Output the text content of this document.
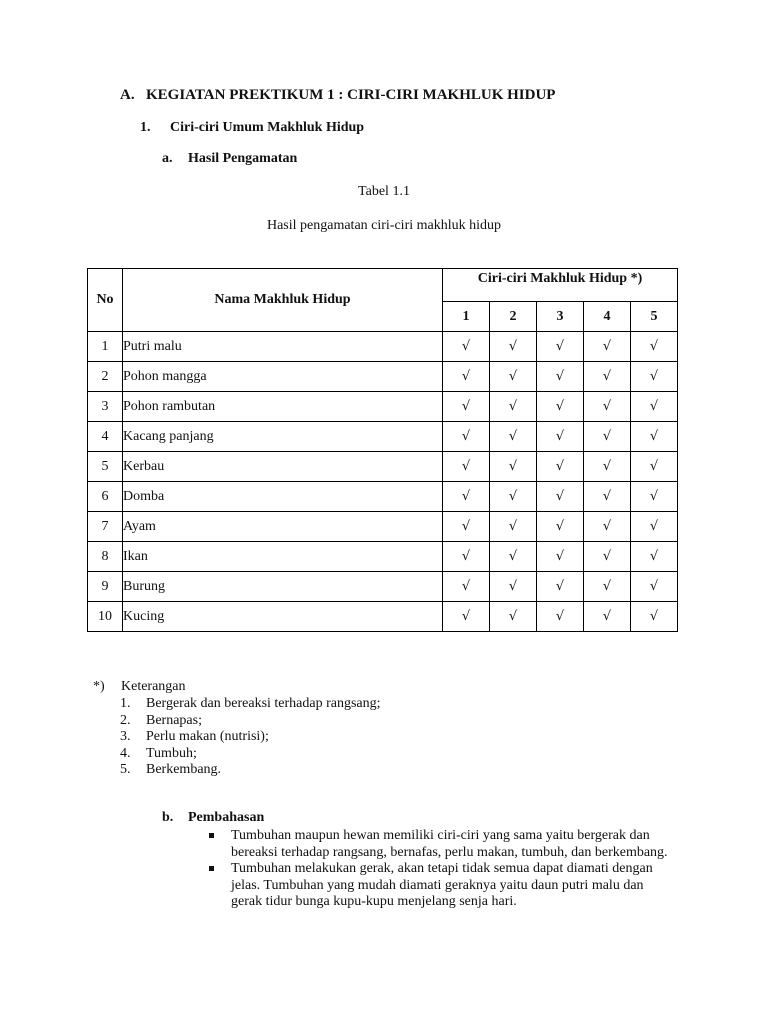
A. KEGIATAN PREKTIKUM 1 : CIRI-CIRI MAKHLUK HIDUP
1. Ciri-ciri Umum Makhluk Hidup
a. Hasil Pengamatan
Tabel 1.1
Hasil pengamatan ciri-ciri makhluk hidup
No	Nama Makhluk Hidup	Ciri-ciri Makhluk Hidup *)				
		1	2	3	4	5
1	Putri malu	√	√	√	√	√
2	Pohon mangga	√	√	√	√	√
3	Pohon rambutan	√	√	√	√	√
4	Kacang panjang	√	√	√	√	√
5	Kerbau	√	√	√	√	√
6	Domba	√	√	√	√	√
7	Ayam	√	√	√	√	√
8	Ikan	√	√	√	√	√
9	Burung	√	√	√	√	√
10	Kucing	√	√	√	√	√
*) Keterangan
1. Bergerak dan bereaksi terhadap rangsang;
2. Bernapas;
3. Perlu makan (nutrisi);
4. Tumbuh;
5. Berkembang.
b. Pembahasan
Tumbuhan maupun hewan memiliki ciri-ciri yang sama yaitu bergerak dan bereaksi terhadap rangsang, bernafas, perlu makan, tumbuh, dan berkembang.
Tumbuhan melakukan gerak, akan tetapi tidak semua dapat diamati dengan jelas. Tumbuhan yang mudah diamati geraknya yaitu daun putri malu dan gerak tidur bunga kupu-kupu menjelang senja hari.
